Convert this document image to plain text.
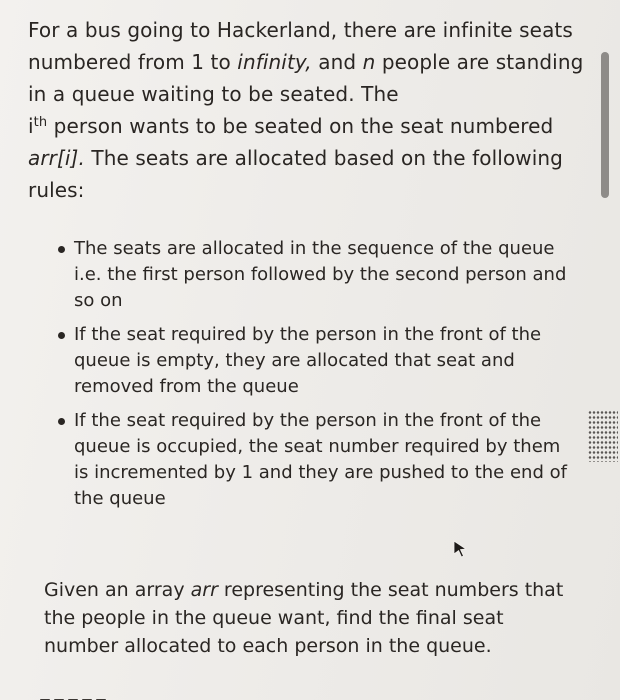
For a bus going to Hackerland, there are infinite seats numbered from 1 to infinity, and n people are standing in a queue waiting to be seated. The
$i^{th}$ person wants to be seated on the seat numbered arr[i]. The seats are allocated based on the following rules:

The seats are allocated in the sequence of the queue i.e. the first person followed by the second person and so on
If the seat required by the person in the front of the queue is empty, they are allocated that seat and removed from the queue
If the seat required by the person in the front of the queue is occupied, the seat number required by them is incremented by 1 and they are pushed to the end of the queue

Given an array arr representing the seat numbers that the people in the queue want, find the final seat number allocated to each person in the queue.
